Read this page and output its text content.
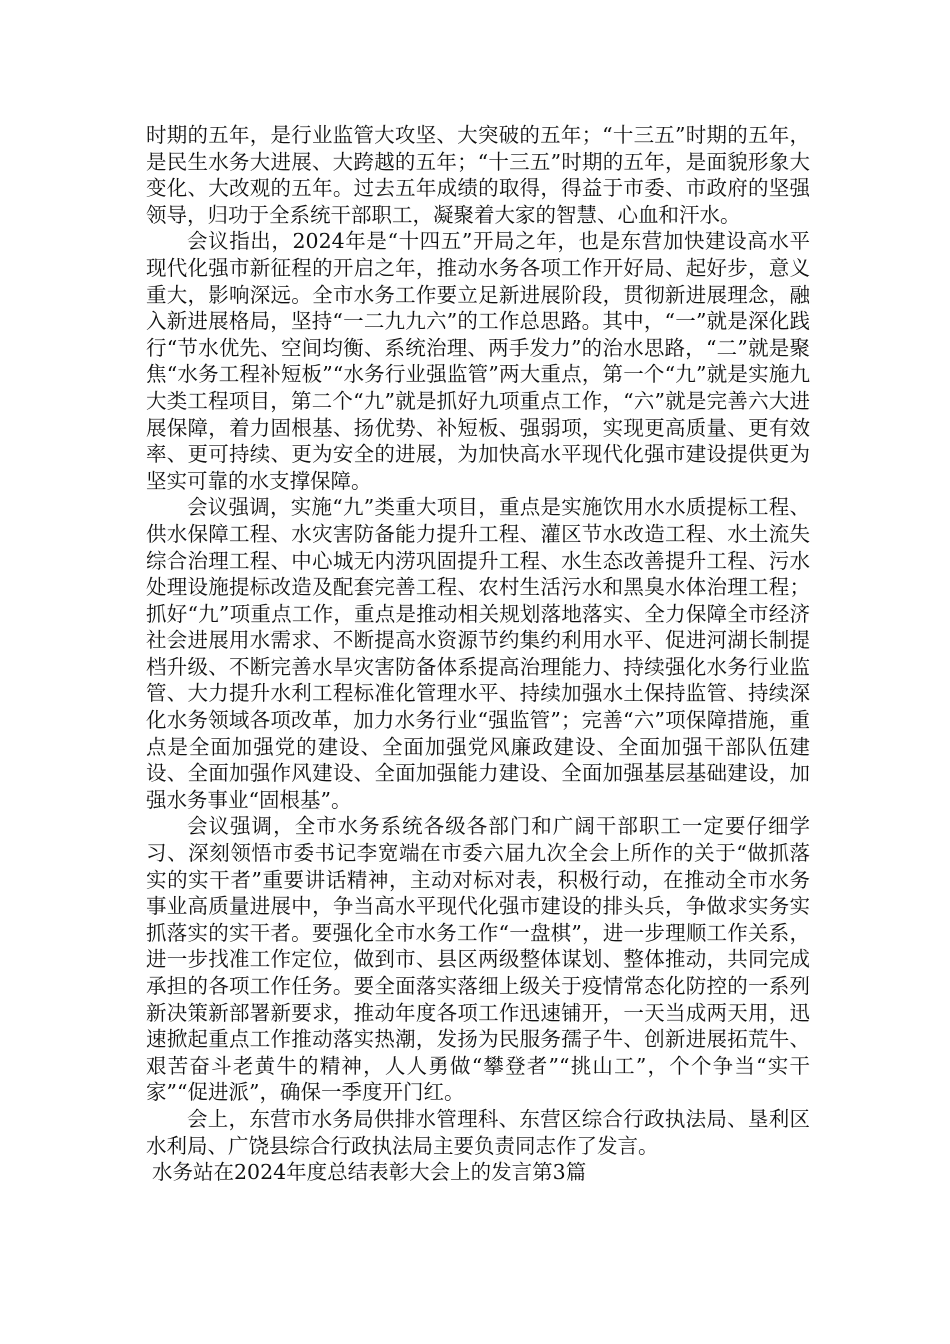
时期的五年，是行业监管大攻坚、大突破的五年；“十三五”时期的五年，是民生水务大进展、大跨越的五年；“十三五”时期的五年，是面貌形象大变化、大改观的五年。过去五年成绩的取得，得益于市委、市政府的坚强领导，归功于全系统干部职工，凝聚着大家的智慧、心血和汗水。

会议指出，2024年是“十四五”开局之年，也是东营加快建设高水平现代化强市新征程的开启之年，推动水务各项工作开好局、起好步，意义重大，影响深远。全市水务工作要立足新进展阶段，贯彻新进展理念，融入新进展格局，坚持“一二九九六”的工作总思路。其中，“一”就是深化践行“节水优先、空间均衡、系统治理、两手发力”的治水思路，“二”就是聚焦“水务工程补短板”“水务行业强监管”两大重点，第一个“九”就是实施九大类工程项目，第二个“九”就是抓好九项重点工作，“六”就是完善六大进展保障，着力固根基、扬优势、补短板、强弱项，实现更高质量、更有效率、更可持续、更为安全的进展，为加快高水平现代化强市建设提供更为坚实可靠的水支撑保障。

会议强调，实施“九”类重大项目，重点是实施饮用水水质提标工程、供水保障工程、水灾害防备能力提升工程、灌区节水改造工程、水土流失综合治理工程、中心城无内涝巩固提升工程、水生态改善提升工程、污水处理设施提标改造及配套完善工程、农村生活污水和黑臭水体治理工程；抓好“九”项重点工作，重点是推动相关规划落地落实、全力保障全市经济社会进展用水需求、不断提高水资源节约集约利用水平、促进河湖长制提档升级、不断完善水旱灾害防备体系提高治理能力、持续强化水务行业监管、大力提升水利工程标准化管理水平、持续加强水土保持监管、持续深化水务领域各项改革，加力水务行业“强监管”；完善“六”项保障措施，重点是全面加强党的建设、全面加强党风廉政建设、全面加强干部队伍建设、全面加强作风建设、全面加强能力建设、全面加强基层基础建设，加强水务事业“固根基”。

会议强调，全市水务系统各级各部门和广阔干部职工一定要仔细学习、深刻领悟市委书记李宽端在市委六届九次全会上所作的关于“做抓落实的实干者”重要讲话精神，主动对标对表，积极行动，在推动全市水务事业高质量进展中，争当高水平现代化强市建设的排头兵，争做求实务实抓落实的实干者。要强化全市水务工作“一盘棋”，进一步理顺工作关系，进一步找准工作定位，做到市、县区两级整体谋划、整体推动，共同完成承担的各项工作任务。要全面落实落细上级关于疫情常态化防控的一系列新决策新部署新要求，推动年度各项工作迅速铺开，一天当成两天用，迅速掀起重点工作推动落实热潮，发扬为民服务孺子牛、创新进展拓荒牛、艰苦奋斗老黄牛的精神，人人勇做“攀登者”“挑山工”，个个争当“实干家”“促进派”，确保一季度开门红。

会上，东营市水务局供排水管理科、东营区综合行政执法局、垦利区水利局、广饶县综合行政执法局主要负责同志作了发言。

水务站在2024年度总结表彰大会上的发言第3篇
